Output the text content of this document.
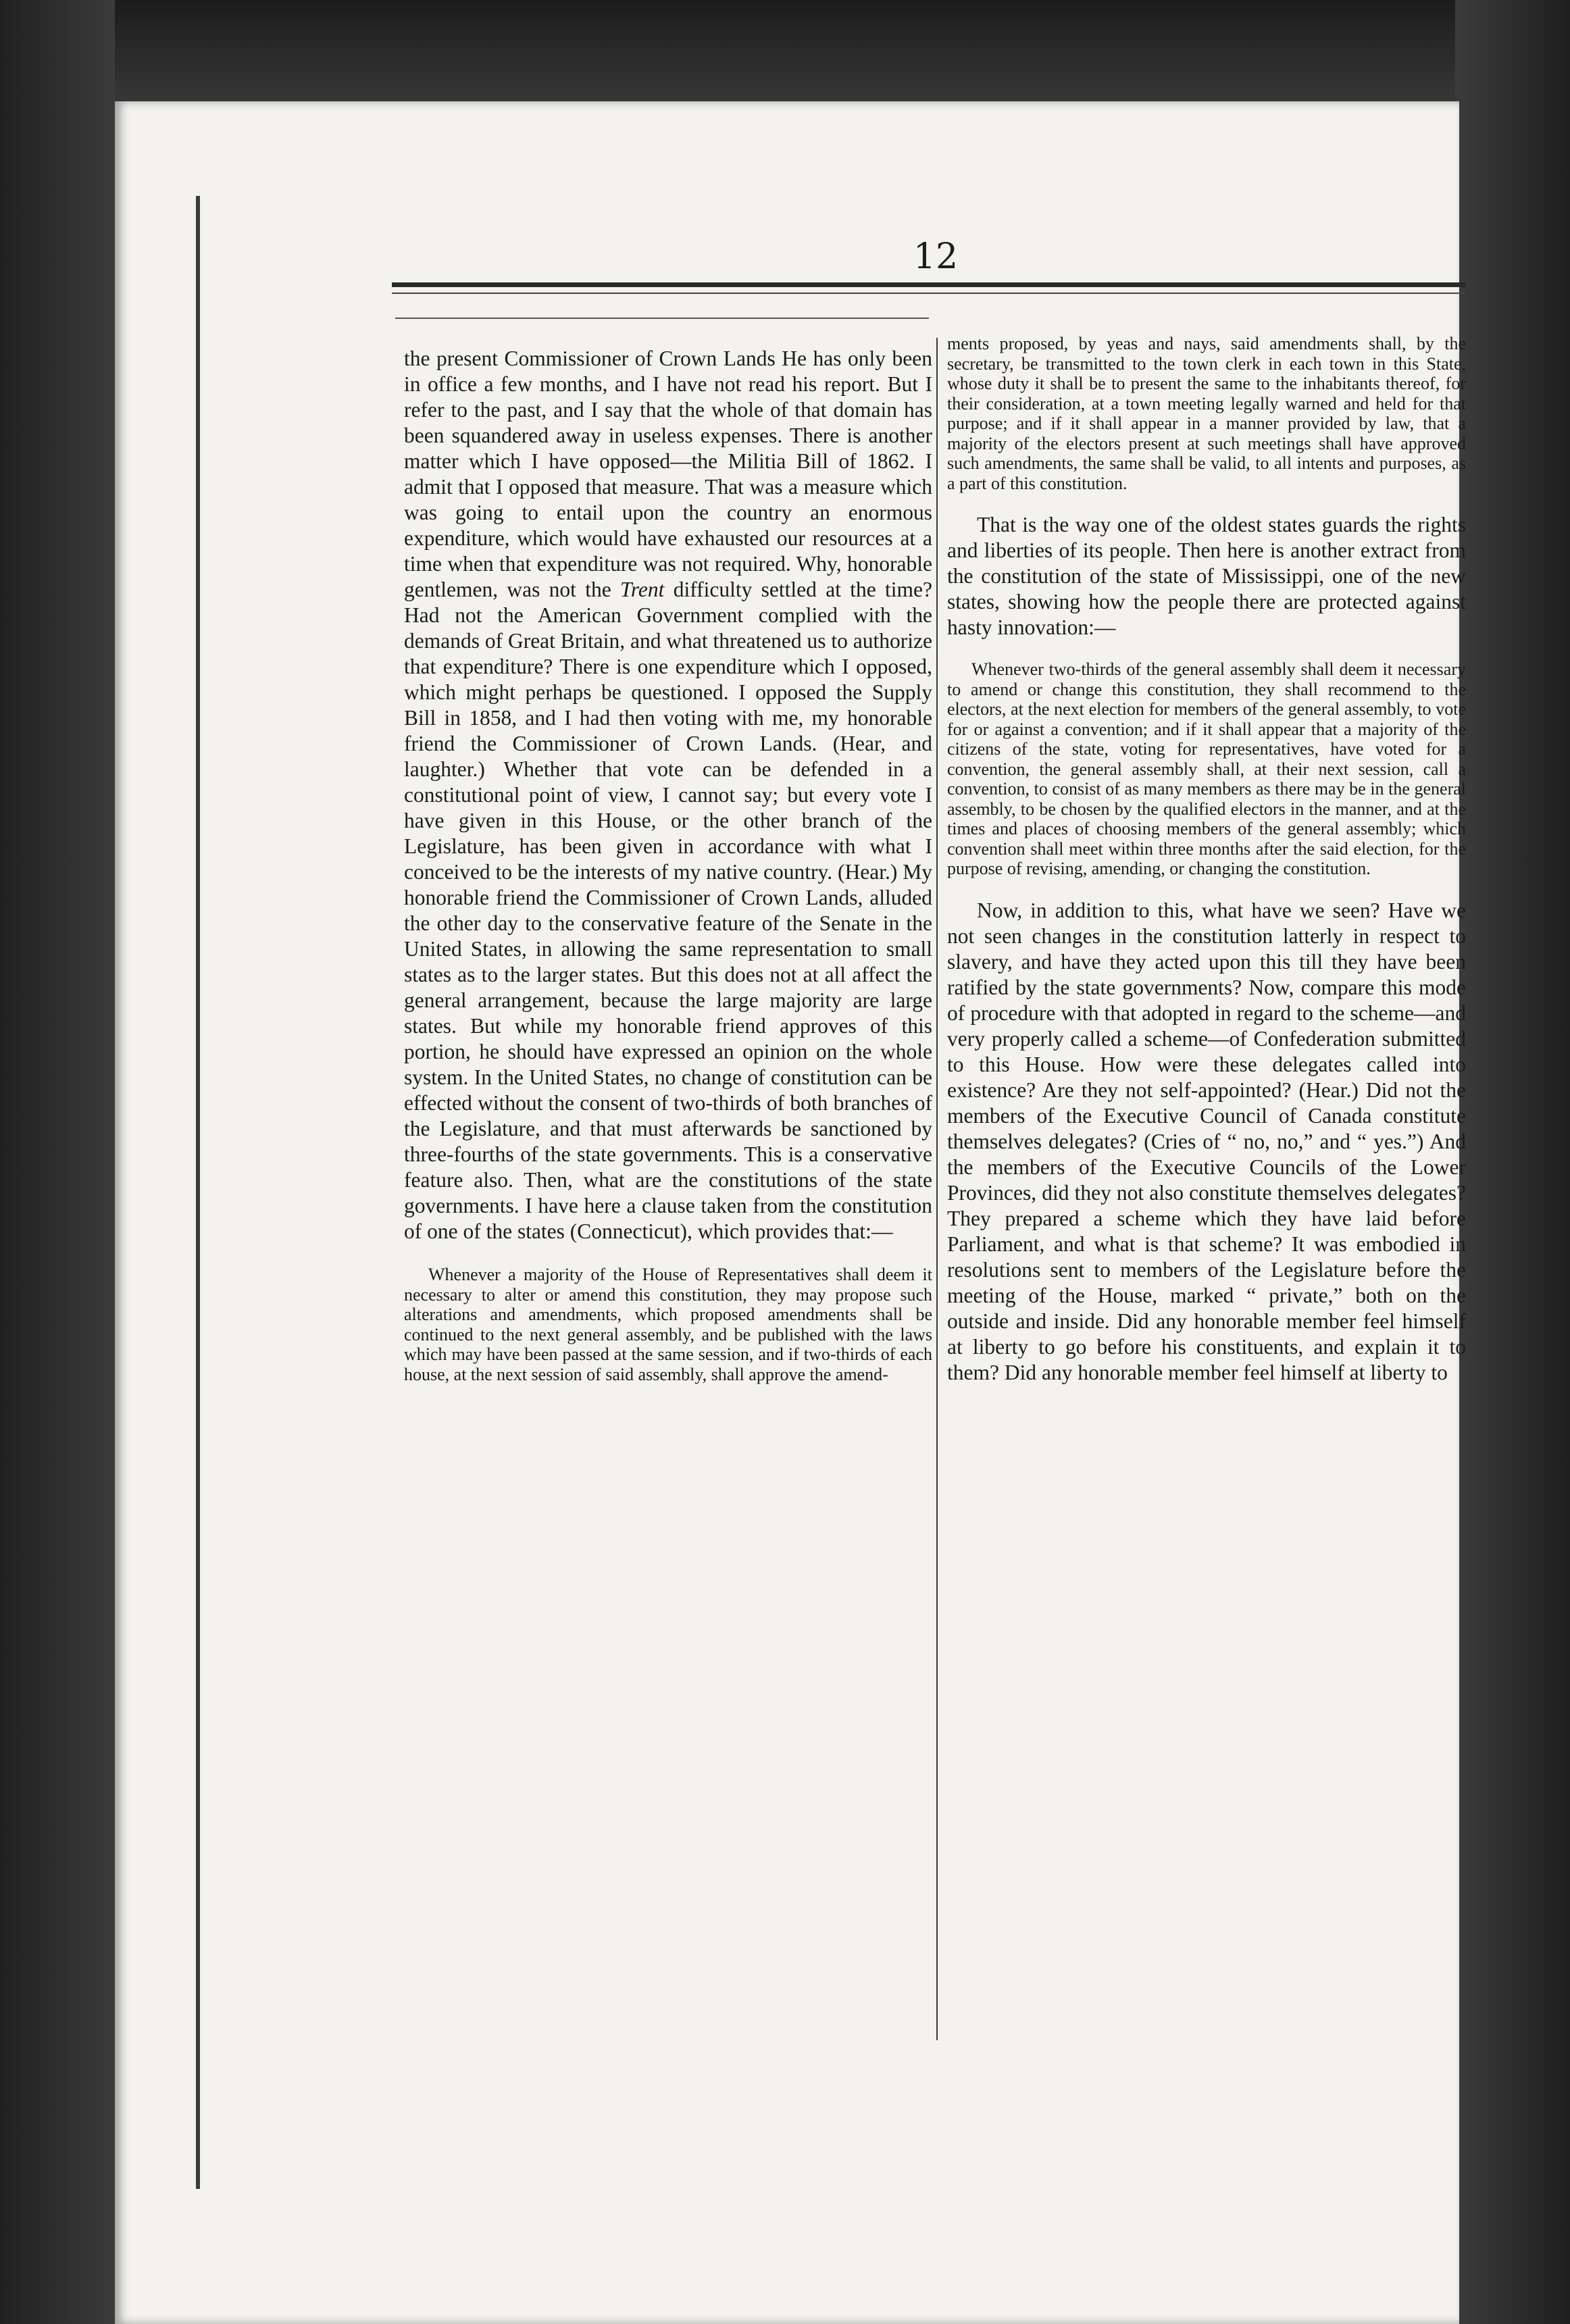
12

the present Commissioner of Crown Lands He has only been in office a few months, and I have not read his report. But I refer to the past, and I say that the whole of that domain has been squandered away in useless expenses. There is another matter which I have opposed—the Militia Bill of 1862. I admit that I opposed that measure. That was a measure which was going to entail upon the country an enormous expenditure, which would have exhausted our resources at a time when that expenditure was not required. Why, honorable gentlemen, was not the Trent difficulty settled at the time? Had not the American Government complied with the demands of Great Britain, and what threatened us to authorize that expenditure? There is one expenditure which I opposed, which might perhaps be questioned. I opposed the Supply Bill in 1858, and I had then voting with me, my honorable friend the Commissioner of Crown Lands. (Hear, and laughter.) Whether that vote can be defended in a constitutional point of view, I cannot say; but every vote I have given in this House, or the other branch of the Legislature, has been given in accordance with what I conceived to be the interests of my native country. (Hear.) My honorable friend the Commissioner of Crown Lands, alluded the other day to the conservative feature of the Senate in the United States, in allowing the same representation to small states as to the larger states. But this does not at all affect the general arrangement, because the large majority are large states. But while my honorable friend approves of this portion, he should have expressed an opinion on the whole system. In the United States, no change of constitution can be effected without the consent of two-thirds of both branches of the Legislature, and that must afterwards be sanctioned by three-fourths of the state governments. This is a conservative feature also. Then, what are the constitutions of the state governments. I have here a clause taken from the constitution of one of the states (Connecticut), which provides that:—

Whenever a majority of the House of Representatives shall deem it necessary to alter or amend this constitution, they may propose such alterations and amendments, which proposed amendments shall be continued to the next general assembly, and be published with the laws which may have been passed at the same session, and if two-thirds of each house, at the next session of said assembly, shall approve the amend-

ments proposed, by yeas and nays, said amendments shall, by the secretary, be transmitted to the town clerk in each town in this State, whose duty it shall be to present the same to the inhabitants thereof, for their consideration, at a town meeting legally warned and held for that purpose; and if it shall appear in a manner provided by law, that a majority of the electors present at such meetings shall have approved such amendments, the same shall be valid, to all intents and purposes, as a part of this constitution.

That is the way one of the oldest states guards the rights and liberties of its people. Then here is another extract from the constitution of the state of Mississippi, one of the new states, showing how the people there are protected against hasty innovation:—

Whenever two-thirds of the general assembly shall deem it necessary to amend or change this constitution, they shall recommend to the electors, at the next election for members of the general assembly, to vote for or against a convention; and if it shall appear that a majority of the citizens of the state, voting for representatives, have voted for a convention, the general assembly shall, at their next session, call a convention, to consist of as many members as there may be in the general assembly, to be chosen by the qualified electors in the manner, and at the times and places of choosing members of the general assembly; which convention shall meet within three months after the said election, for the purpose of revising, amending, or changing the constitution.

Now, in addition to this, what have we seen? Have we not seen changes in the constitution latterly in respect to slavery, and have they acted upon this till they have been ratified by the state governments? Now, compare this mode of procedure with that adopted in regard to the scheme—and very properly called a scheme—of Confederation submitted to this House. How were these delegates called into existence? Are they not self-appointed? (Hear.) Did not the members of the Executive Council of Canada constitute themselves delegates? (Cries of “ no, no,” and “ yes.”) And the members of the Executive Councils of the Lower Provinces, did they not also constitute themselves delegates? They prepared a scheme which they have laid before Parliament, and what is that scheme? It was embodied in resolutions sent to members of the Legislature before the meeting of the House, marked “ private,” both on the outside and inside. Did any honorable member feel himself at liberty to go before his constituents, and explain it to them? Did any honorable member feel himself at liberty to
